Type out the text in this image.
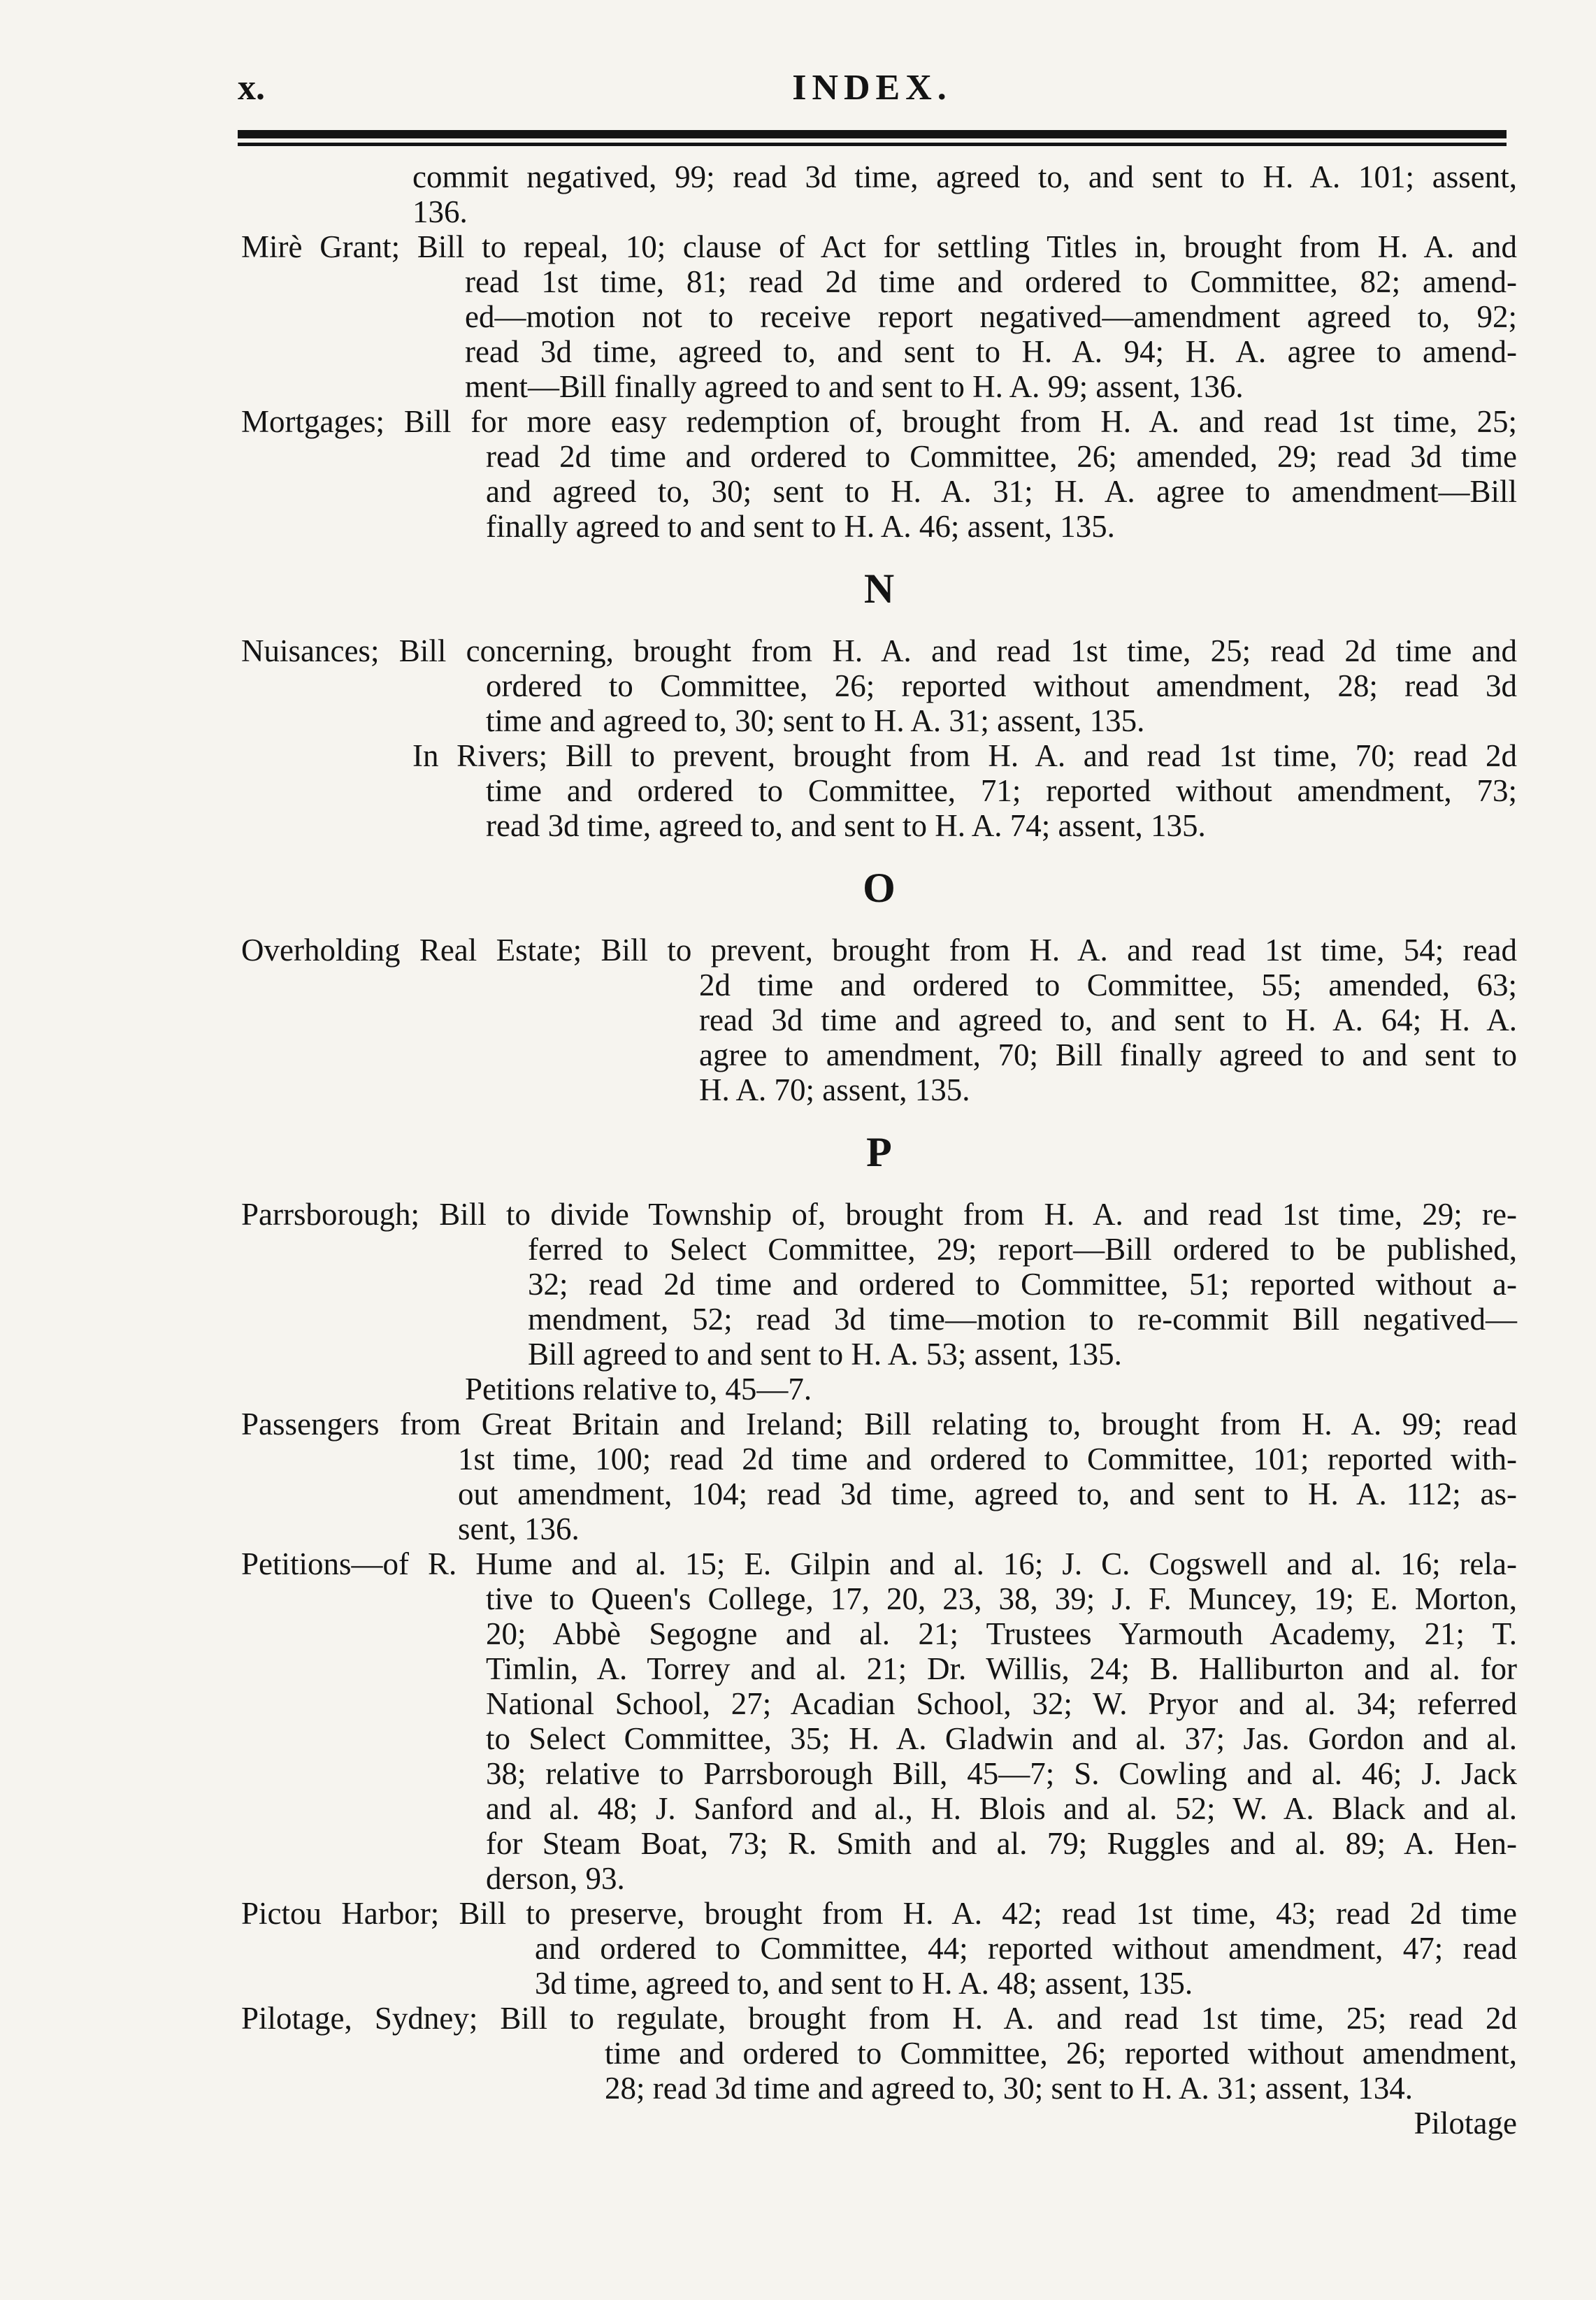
x.	INDEX.
commit negatived, 99; read 3d time, agreed to, and sent to H. A. 101; assent,
136.
Mirè Grant; Bill to repeal, 10; clause of Act for settling Titles in, brought from H. A. and
read 1st time, 81; read 2d time and ordered to Committee, 82; amend-
ed—motion not to receive report negatived—amendment agreed to, 92;
read 3d time, agreed to, and sent to H. A. 94; H. A. agree to amend-
ment—Bill finally agreed to and sent to H. A. 99; assent, 136.
Mortgages; Bill for more easy redemption of, brought from H. A. and read 1st time, 25;
read 2d time and ordered to Committee, 26; amended, 29; read 3d time
and agreed to, 30; sent to H. A. 31; H. A. agree to amendment—Bill
finally agreed to and sent to H. A. 46; assent, 135.
N
Nuisances; Bill concerning, brought from H. A. and read 1st time, 25; read 2d time and
ordered to Committee, 26; reported without amendment, 28; read 3d
time and agreed to, 30; sent to H. A. 31; assent, 135.
In Rivers; Bill to prevent, brought from H. A. and read 1st time, 70; read 2d
time and ordered to Committee, 71; reported without amendment, 73;
read 3d time, agreed to, and sent to H. A. 74; assent, 135.
O
Overholding Real Estate; Bill to prevent, brought from H. A. and read 1st time, 54; read
2d time and ordered to Committee, 55; amended, 63;
read 3d time and agreed to, and sent to H. A. 64; H. A.
agree to amendment, 70; Bill finally agreed to and sent to
H. A. 70; assent, 135.
P
Parrsborough; Bill to divide Township of, brought from H. A. and read 1st time, 29; re-
ferred to Select Committee, 29; report—Bill ordered to be published,
32; read 2d time and ordered to Committee, 51; reported without a-
mendment, 52; read 3d time—motion to re-commit Bill negatived—
Bill agreed to and sent to H. A. 53; assent, 135.
Petitions relative to, 45—7.
Passengers from Great Britain and Ireland; Bill relating to, brought from H. A. 99; read
1st time, 100; read 2d time and ordered to Committee, 101; reported with-
out amendment, 104; read 3d time, agreed to, and sent to H. A. 112; as-
sent, 136.
Petitions—of R. Hume and al. 15; E. Gilpin and al. 16; J. C. Cogswell and al. 16; rela-
tive to Queen's College, 17, 20, 23, 38, 39; J. F. Muncey, 19; E. Morton,
20; Abbè Segogne and al. 21; Trustees Yarmouth Academy, 21; T.
Timlin, A. Torrey and al. 21; Dr. Willis, 24; B. Halliburton and al. for
National School, 27; Acadian School, 32; W. Pryor and al. 34; referred
to Select Committee, 35; H. A. Gladwin and al. 37; Jas. Gordon and al.
38; relative to Parrsborough Bill, 45—7; S. Cowling and al. 46; J. Jack
and al. 48; J. Sanford and al., H. Blois and al. 52; W. A. Black and al.
for Steam Boat, 73; R. Smith and al. 79; Ruggles and al. 89; A. Hen-
derson, 93.
Pictou Harbor; Bill to preserve, brought from H. A. 42; read 1st time, 43; read 2d time
and ordered to Committee, 44; reported without amendment, 47; read
3d time, agreed to, and sent to H. A. 48; assent, 135.
Pilotage, Sydney; Bill to regulate, brought from H. A. and read 1st time, 25; read 2d
time and ordered to Committee, 26; reported without amendment,
28; read 3d time and agreed to, 30; sent to H. A. 31; assent, 134.
Pilotage
